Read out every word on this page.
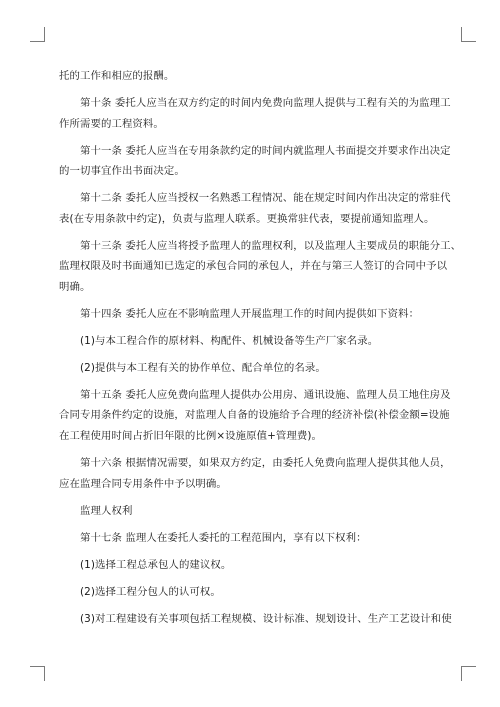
托的工作和相应的报酬。

第十条 委托人应当在双方约定的时间内免费向监理人提供与工程有关的为监理工

作所需要的工程资料。

第十一条 委托人应当在专用条款约定的时间内就监理人书面提交并要求作出决定

的一切事宜作出书面决定。

第十二条 委托人应当授权一名熟悉工程情况、能在规定时间内作出决定的常驻代

表(在专用条款中约定)，负责与监理人联系。更换常驻代表，要提前通知监理人。

第十三条 委托人应当将授予监理人的监理权利，以及监理人主要成员的职能分工、

监理权限及时书面通知已选定的承包合同的承包人，并在与第三人签订的合同中予以

明确。

第十四条 委托人应在不影响监理人开展监理工作的时间内提供如下资料：

(1)与本工程合作的原材料、构配件、机械设备等生产厂家名录。

(2)提供与本工程有关的协作单位、配合单位的名录。

第十五条 委托人应免费向监理人提供办公用房、通讯设施、监理人员工地住房及

合同专用条件约定的设施，对监理人自备的设施给予合理的经济补偿(补偿金额=设施

在工程使用时间占折旧年限的比例×设施原值+管理费)。

第十六条 根据情况需要，如果双方约定，由委托人免费向监理人提供其他人员，

应在监理合同专用条件中予以明确。

监理人权利

第十七条 监理人在委托人委托的工程范围内，享有以下权利：

(1)选择工程总承包人的建议权。

(2)选择工程分包人的认可权。

(3)对工程建设有关事项包括工程规模、设计标准、规划设计、生产工艺设计和使
